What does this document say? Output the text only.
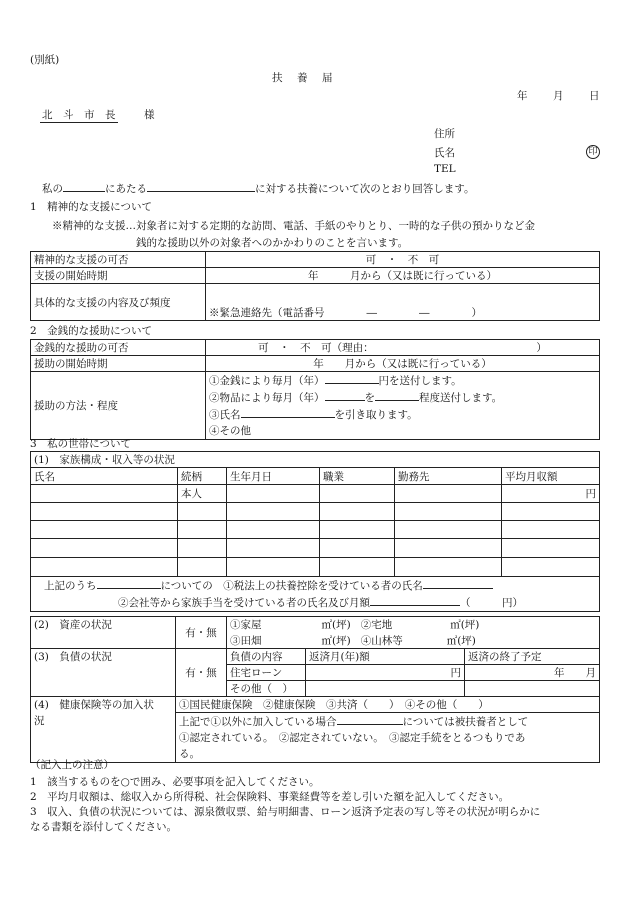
(別紙)
扶　養　届
年 月 日
北　斗　市　長	様
住所
氏名	印
TEL
私の	にあたる	に対する扶養について次のとおり回答します。
1　精神的な支援について
※精神的な支援…対象者に対する定期的な訪問、電話、手紙のやりとり、一時的な子供の預かりなど金
銭的な援助以外の対象者へのかかわりのことを言います。
精神的な支援の可否	可　・　不　可
支援の開始時期	年　　　月から（又は既に行っている）
具体的な支援の内容及び頻度	※緊急連絡先（電話番号　　　　―　　　　―　　　　）
2　金銭的な援助について
金銭的な援助の可否	可　・　不　可（理由：　　　　　　　　　　　　　　　　）
援助の開始時期	年　　月から（又は既に行っている）
援助の方法・程度	①金銭により毎月（年） 円を送付します。
②物品により毎月（年） を 程度送付します。
③氏名 を引き取ります。
④その他
3　私の世帯について
(1)　家族構成・収入等の状況					
氏名	続柄	生年月日	職業	勤務先	平均月収額
	本人				円

上記のうち についての　①税法上の扶養控除を受けている者の氏名
②会社等から家族手当を受けている者の氏名及び月額 （　　　円）					
(2)　資産の状況	有・無	①家屋 ㎡(坪) ②宅地 ㎡(坪)		
		③田畑 ㎡(坪) ④山林等 ㎡(坪)		
(3)　負債の状況	有・無	負債の内容	返済月(年)額	返済の終了予定
		住宅ローン	円	年　　月
		その他（　）		

(4)　健康保険等の加入状
況	①国民健康保険　②健康保険　③共済（　　）　④その他（　　）			

	上記で①以外に加入している場合 については被扶養者として
①認定されている。　②認定されていない。　③認定手続をとるつもりであ
る。			
（記入上の注意）
1　該当するものを○で囲み、必要事項を記入してください。
2　平均月収額は、総収入から所得税、社会保険料、事業経費等を差し引いた額を記入してください。
3　収入、負債の状況については、源泉徴収票、給与明細書、ローン返済予定表の写し等その状況が明らかに
なる書類を添付してください。
